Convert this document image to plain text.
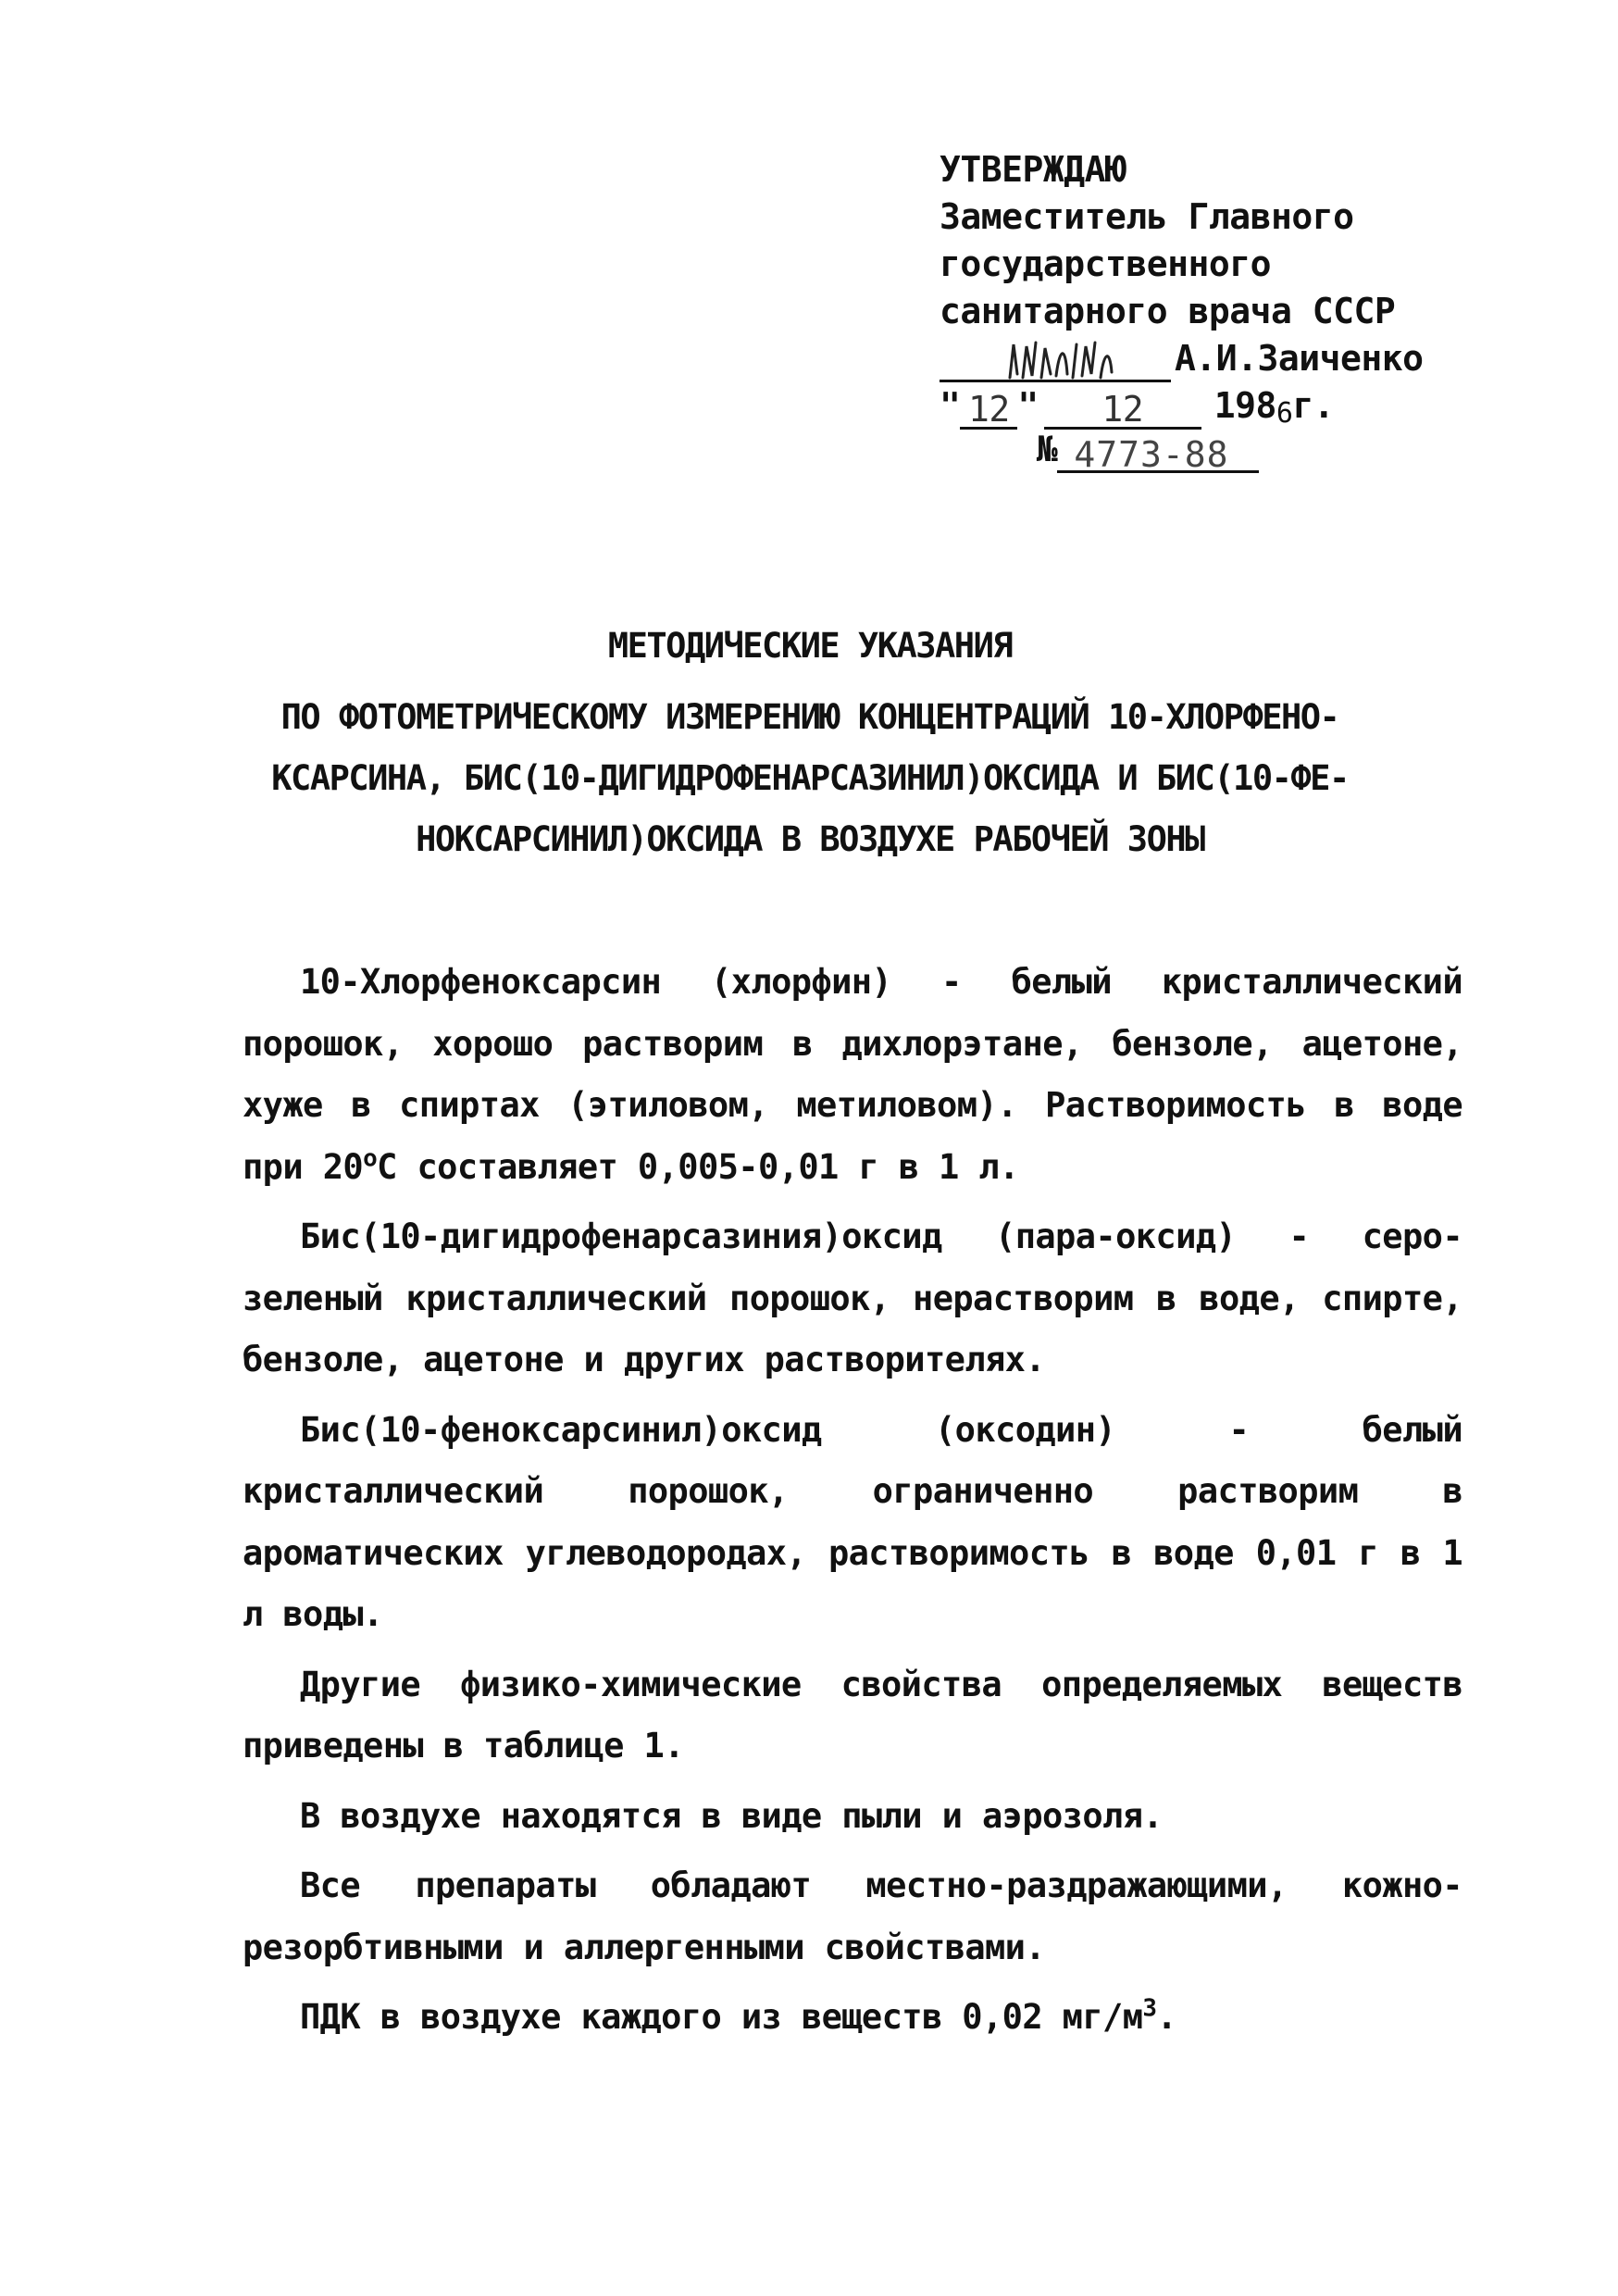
УТВЕРЖДАЮ
Заместитель Главного
государственного
санитарного врача СССР
А.И.Заиченко
" 12 "	12	198 6 г.
№ 4773-88
МЕТОДИЧЕСКИЕ УКАЗАНИЯ
ПО ФОТОМЕТРИЧЕСКОМУ ИЗМЕРЕНИЮ КОНЦЕНТРАЦИЙ 10-ХЛОРФЕНО-
КСАРСИНА, БИС(10-ДИГИДРОФЕНАРСАЗИНИЛ)ОКСИДА И БИС(10-ФЕ-
НОКСАРСИНИЛ)ОКСИДА В ВОЗДУХЕ РАБОЧЕЙ ЗОНЫ

10-Хлорфеноксарсин (хлорфин) - белый кристаллический порошок, хорошо растворим в дихлорэтане, бензоле, ацетоне, хуже в спиртах (этиловом, метиловом). Растворимость в воде при $20^оС$ составляет 0,005-0,01 г в 1 л.

Бис(10-дигидрофенарсазиния)оксид (пара-оксид) - серо-зеленый кристаллический порошок, нерастворим в воде, спирте, бензоле, ацетоне и других растворителях.

Бис(10-феноксарсинил)оксид (оксодин) - белый кристаллический порошок, ограниченно растворим в ароматических углеводородах, растворимость в воде 0,01 г в 1 л воды.

Другие физико-химические свойства определяемых веществ приведены в таблице 1.

В воздухе находятся в виде пыли и аэрозоля.

Все препараты обладают местно-раздражающими, кожно-резорбтивными и аллергенными свойствами.

ПДК в воздухе каждого из веществ 0,02 $мг/м^3$.
